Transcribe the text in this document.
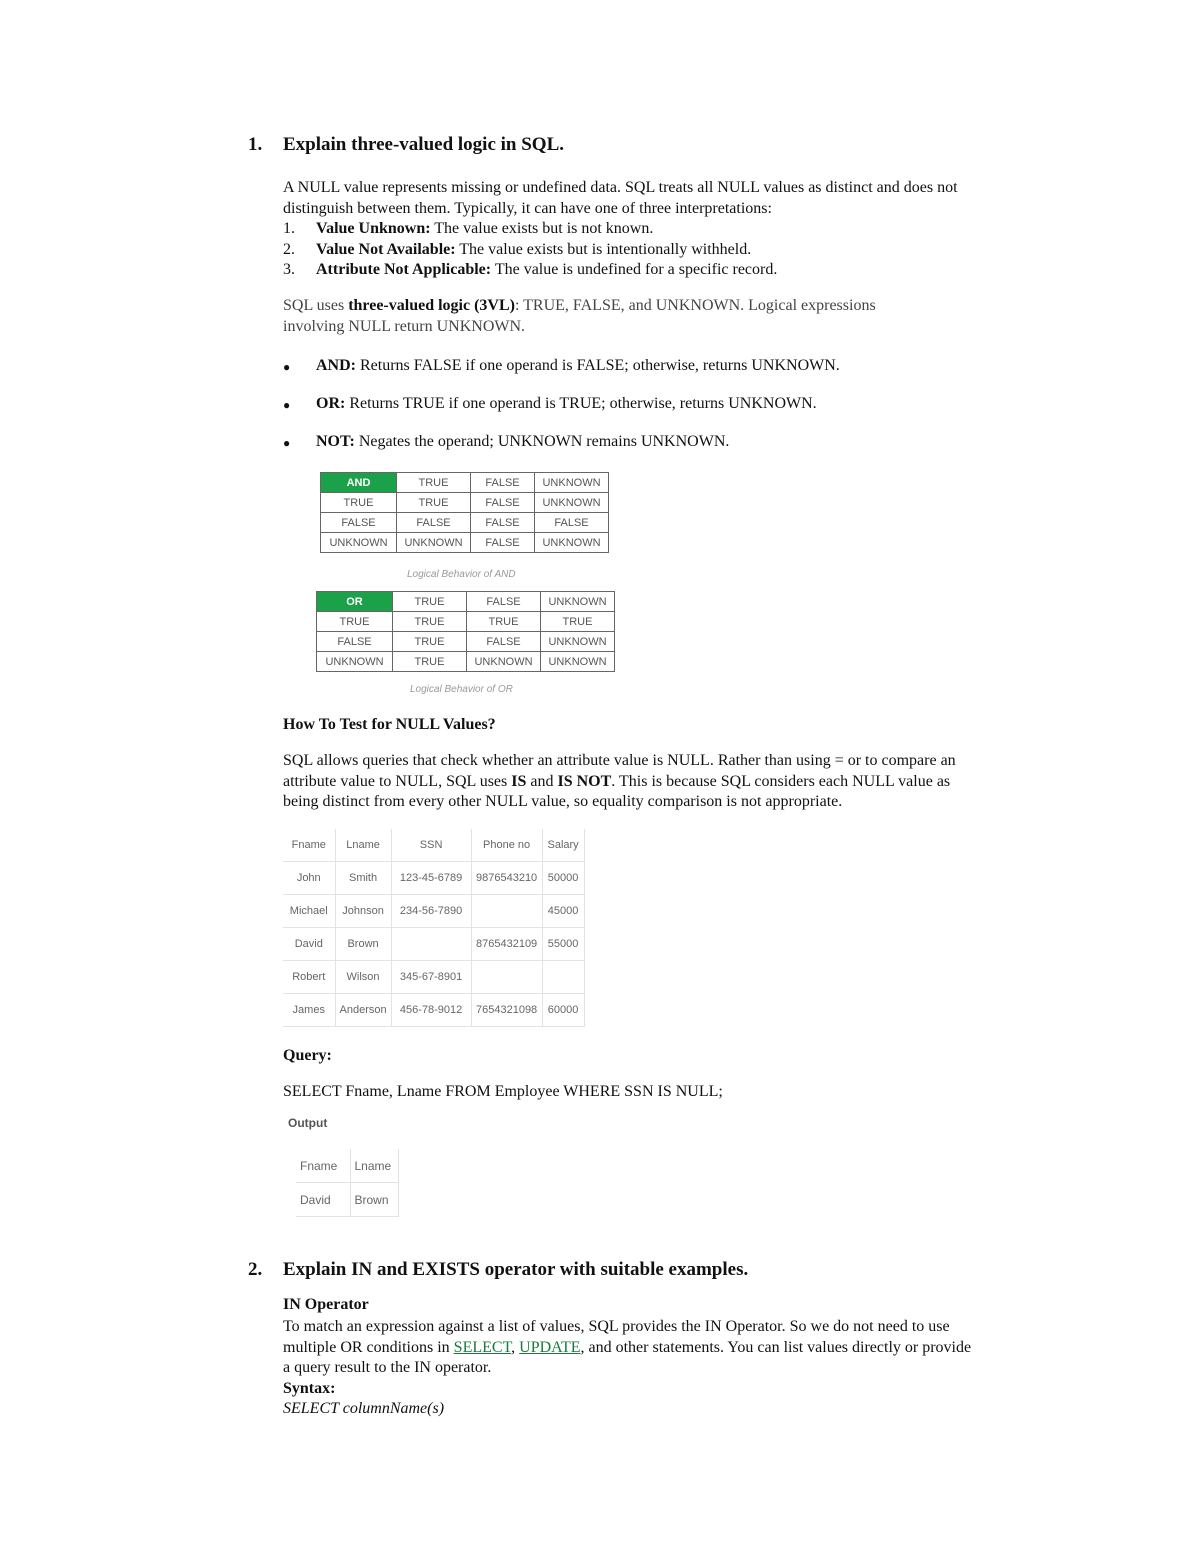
1. Explain three-valued logic in SQL.
A NULL value represents missing or undefined data. SQL treats all NULL values as distinct and does not
distinguish between them. Typically, it can have one of three interpretations:
1.	Value Unknown: The value exists but is not known.
2.	Value Not Available: The value exists but is intentionally withheld.
3.	Attribute Not Applicable: The value is undefined for a specific record.
SQL uses three-valued logic (3VL): TRUE, FALSE, and UNKNOWN. Logical expressions
involving NULL return UNKNOWN.
●	AND: Returns FALSE if one operand is FALSE; otherwise, returns UNKNOWN.
●	OR: Returns TRUE if one operand is TRUE; otherwise, returns UNKNOWN.
●	NOT: Negates the operand; UNKNOWN remains UNKNOWN.
AND	TRUE	FALSE	UNKNOWN
TRUE	TRUE	FALSE	UNKNOWN
FALSE	FALSE	FALSE	FALSE
UNKNOWN	UNKNOWN	FALSE	UNKNOWN
Logical Behavior of AND
OR	TRUE	FALSE	UNKNOWN
TRUE	TRUE	TRUE	TRUE
FALSE	TRUE	FALSE	UNKNOWN
UNKNOWN	TRUE	UNKNOWN	UNKNOWN
Logical Behavior of OR
How To Test for NULL Values?
SQL allows queries that check whether an attribute value is NULL. Rather than using = or to compare an
attribute value to NULL, SQL uses IS and IS NOT. This is because SQL considers each NULL value as
being distinct from every other NULL value, so equality comparison is not appropriate.
Fname	Lname	SSN	Phone no	Salary
John	Smith	123-45-6789	9876543210	50000
Michael	Johnson	234-56-7890		45000
David	Brown		8765432109	55000
Robert	Wilson	345-67-8901		
James	Anderson	456-78-9012	7654321098	60000
Query:
SELECT Fname, Lname FROM Employee WHERE SSN IS NULL;
Output
Fname	Lname
David	Brown
2. Explain IN and EXISTS operator with suitable examples.
IN Operator
To match an expression against a list of values, SQL provides the IN Operator. So we do not need to use
multiple OR conditions in SELECT, UPDATE, and other statements. You can list values directly or provide
a query result to the IN operator.
Syntax:
SELECT columnName(s)
